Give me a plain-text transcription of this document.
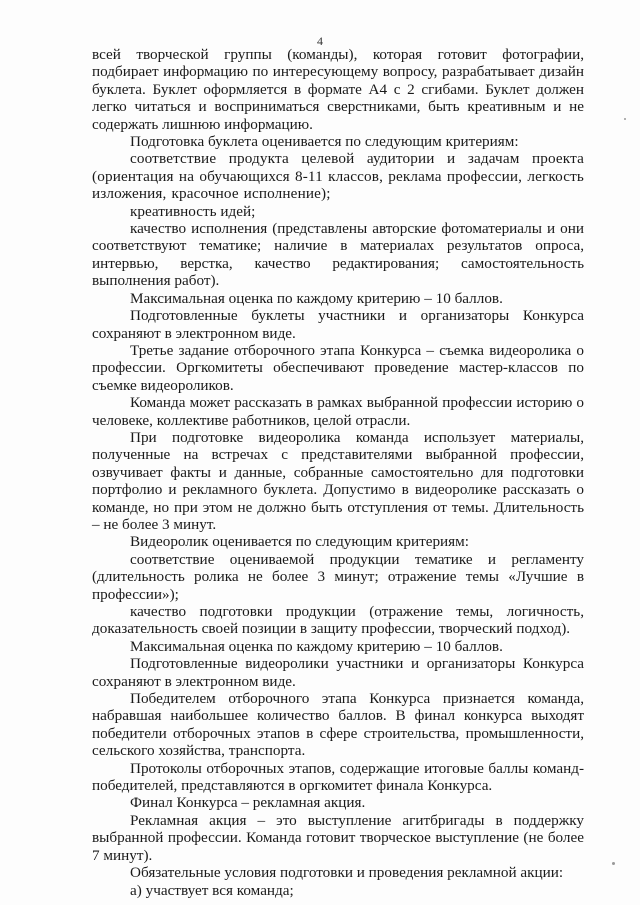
4

всей творческой группы (команды), которая готовит фотографии, подбирает информацию по интересующему вопросу, разрабатывает дизайн буклета. Буклет оформляется в формате А4 с 2 сгибами. Буклет должен легко читаться и восприниматься сверстниками, быть креативным и не содержать лишнюю информацию.

Подготовка буклета оценивается по следующим критериям:

соответствие продукта целевой аудитории и задачам проекта (ориентация на обучающихся 8-11 классов, реклама профессии, легкость изложения, красочное исполнение);

креативность идей;

качество исполнения (представлены авторские фотоматериалы и они соответствуют тематике; наличие в материалах результатов опроса, интервью, верстка, качество редактирования; самостоятельность выполнения работ).

Максимальная оценка по каждому критерию – 10 баллов.

Подготовленные буклеты участники и организаторы Конкурса сохраняют в электронном виде.

Третье задание отборочного этапа Конкурса – съемка видеоролика о профессии. Оргкомитеты обеспечивают проведение мастер-классов по съемке видеороликов.

Команда может рассказать в рамках выбранной профессии историю о человеке, коллективе работников, целой отрасли.

При подготовке видеоролика команда использует материалы, полученные на встречах с представителями выбранной профессии, озвучивает факты и данные, собранные самостоятельно для подготовки портфолио и рекламного буклета. Допустимо в видеоролике рассказать о команде, но при этом не должно быть отступления от темы. Длительность – не более 3 минут.

Видеоролик оценивается по следующим критериям:

соответствие оцениваемой продукции тематике и регламенту (длительность ролика не более 3 минут; отражение темы «Лучшие в профессии»);

качество подготовки продукции (отражение темы, логичность, доказательность своей позиции в защиту профессии, творческий подход).

Максимальная оценка по каждому критерию – 10 баллов.

Подготовленные видеоролики участники и организаторы Конкурса сохраняют в электронном виде.

Победителем отборочного этапа Конкурса признается команда, набравшая наибольшее количество баллов. В финал конкурса выходят победители отборочных этапов в сфере строительства, промышленности, сельского хозяйства, транспорта.

Протоколы отборочных этапов, содержащие итоговые баллы команд-победителей, представляются в оргкомитет финала Конкурса.

Финал Конкурса – рекламная акция.

Рекламная акция – это выступление агитбригады в поддержку выбранной профессии. Команда готовит творческое выступление (не более 7 минут).

Обязательные условия подготовки и проведения рекламной акции:

а) участвует вся команда;
